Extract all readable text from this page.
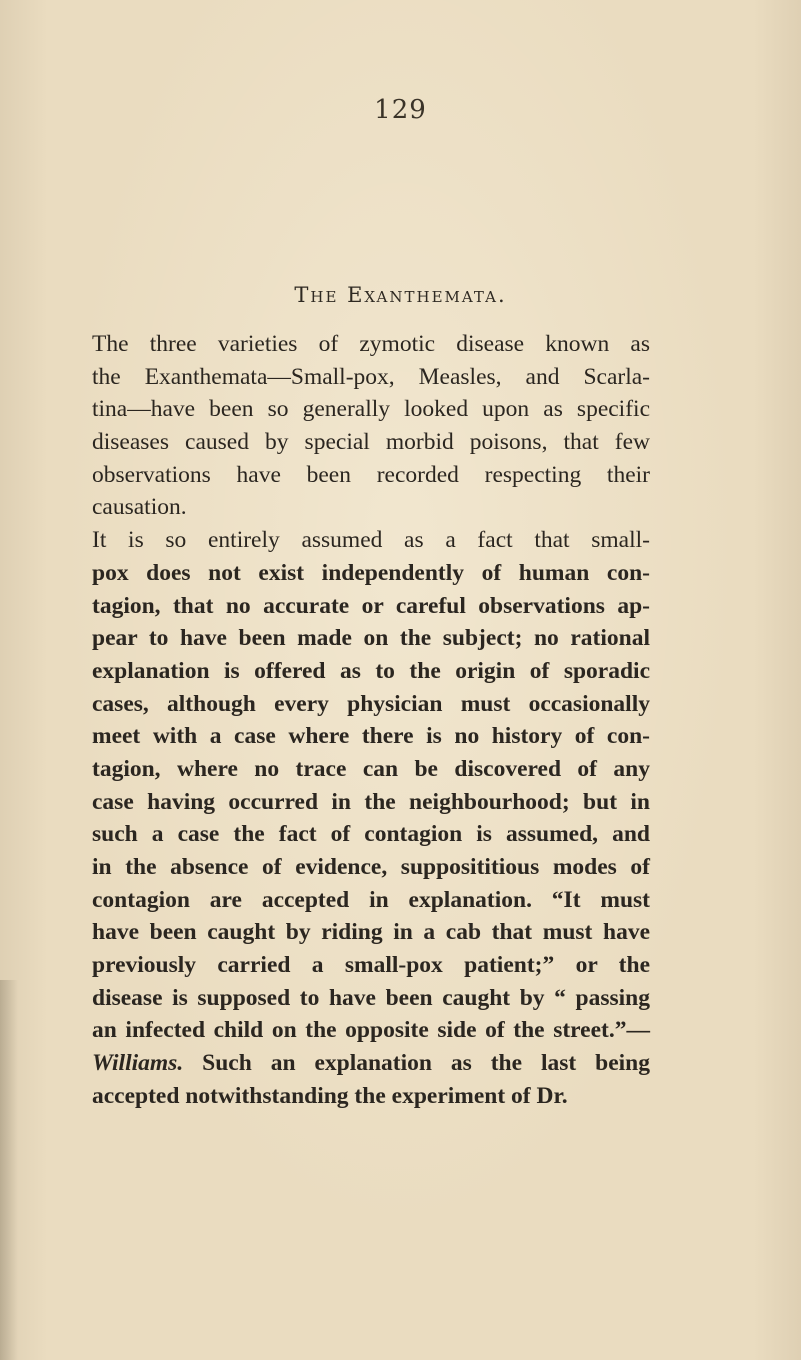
129
The Exanthemata.
The three varieties of zymotic disease known as
the Exanthemata—Small-pox, Measles, and Scarla-
tina—have been so generally looked upon as specific
diseases caused by special morbid poisons, that few
observations have been recorded respecting their
causation.
It is so entirely assumed as a fact that small-
pox does not exist independently of human con-
tagion, that no accurate or careful observations ap-
pear to have been made on the subject; no rational
explanation is offered as to the origin of sporadic
cases, although every physician must occasionally
meet with a case where there is no history of con-
tagion, where no trace can be discovered of any
case having occurred in the neighbourhood; but in
such a case the fact of contagion is assumed, and
in the absence of evidence, supposititious modes of
contagion are accepted in explanation. “It must
have been caught by riding in a cab that must have
previously carried a small-pox patient;” or the
disease is supposed to have been caught by “ passing
an infected child on the opposite side of the street.”—
Williams. Such an explanation as the last being
accepted notwithstanding the experiment of Dr.
